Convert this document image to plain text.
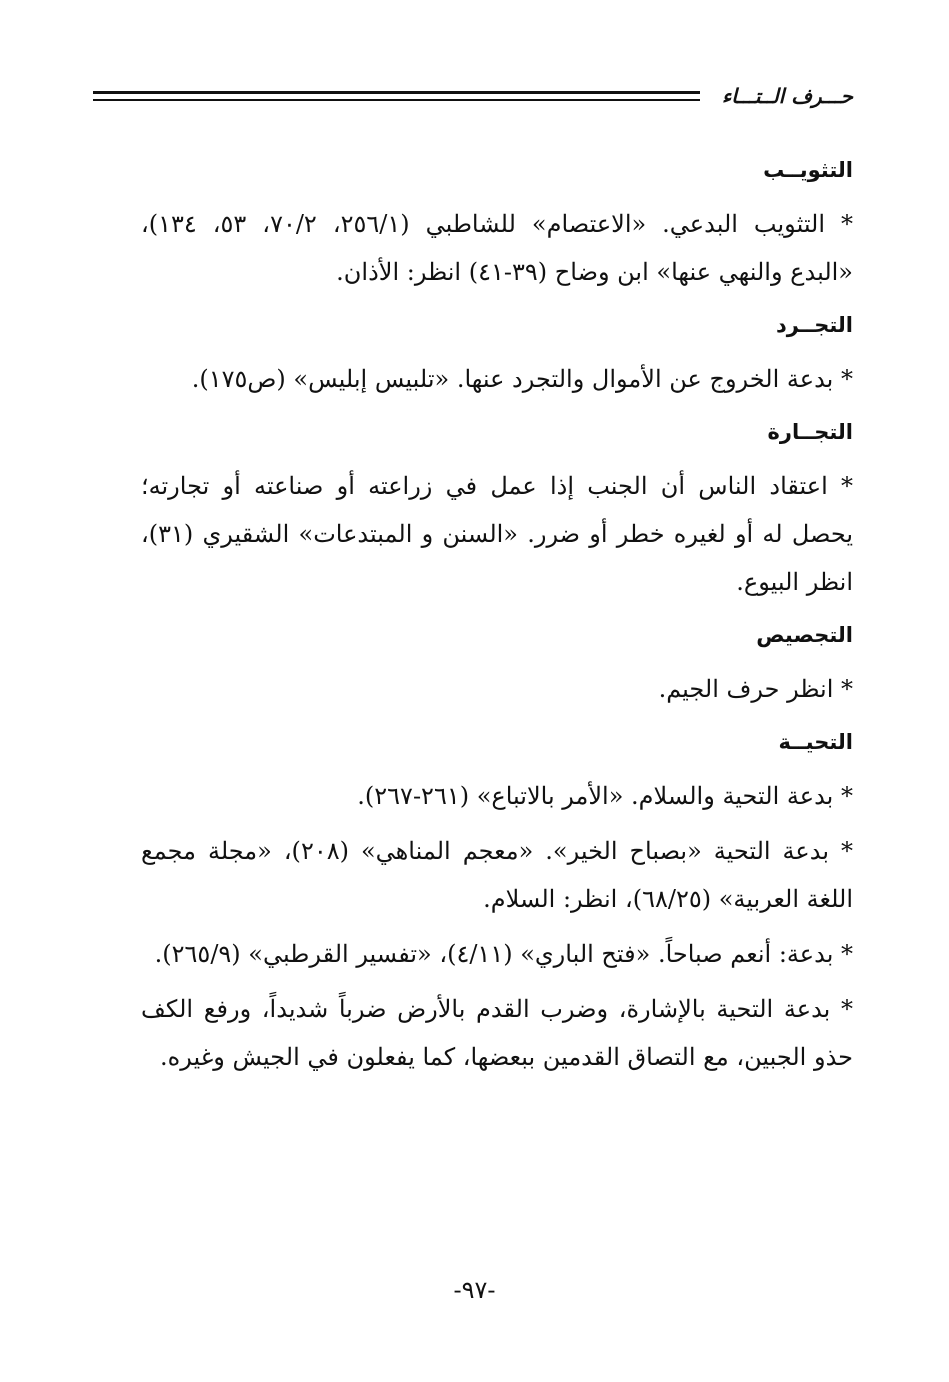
حـــرف الــتـــاء
التثويــب

* التثويب البدعي. «الاعتصام» للشاطبي (٢٥٦/١، ٧٠/٢، ٥٣، ١٣٤)، «البدع والنهي عنها» ابن وضاح (٣٩-٤١) انظر: الأذان.

التجــرد

* بدعة الخروج عن الأموال والتجرد عنها. «تلبيس إبليس» (ص١٧٥).

التجــارة

* اعتقاد الناس أن الجنب إذا عمل في زراعته أو صناعته أو تجارته؛ يحصل له أو لغيره خطر أو ضرر. «السنن و المبتدعات» الشقيري (٣١)، انظر البيوع.

التجصيص

* انظر حرف الجيم.

التحيــة

* بدعة التحية والسلام. «الأمر بالاتباع» (٢٦١-٢٦٧).

* بدعة التحية «بصباح الخير». «معجم المناهي» (٢٠٨)، «مجلة مجمع اللغة العربية» (٦٨/٢٥)، انظر: السلام.

* بدعة: أنعم صباحاً. «فتح الباري» (٤/١١)، «تفسير القرطبي» (٢٦٥/٩).

* بدعة التحية بالإشارة، وضرب القدم بالأرض ضرباً شديداً، ورفع الكف حذو الجبين، مع التصاق القدمين ببعضها، كما يفعلون في الجيش وغيره.

-٩٧-
